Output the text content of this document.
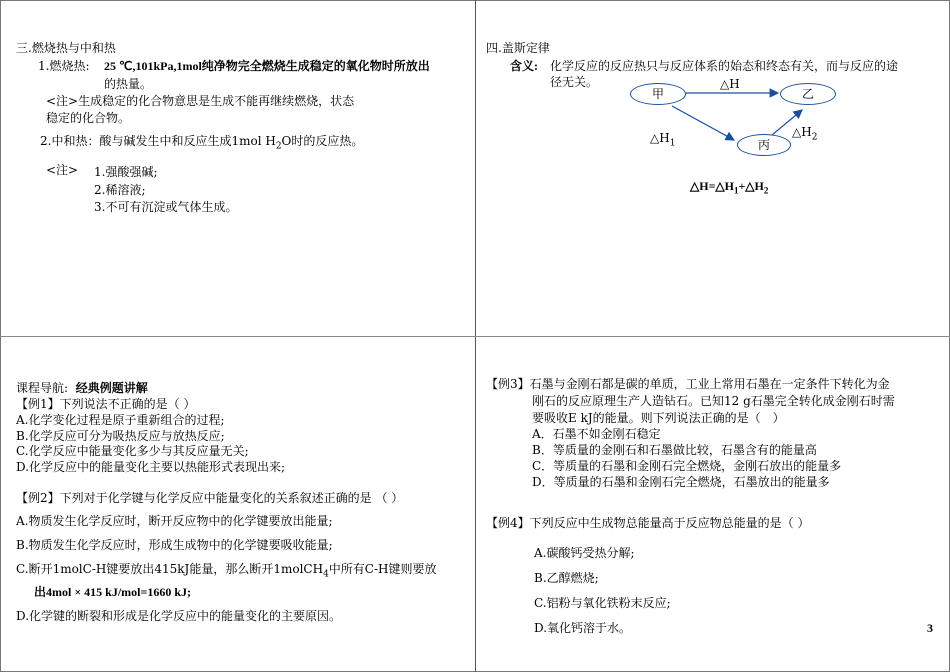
三.燃烧热与中和热
1.燃烧热: 25 ℃,101kPa,1mol纯净物完全燃烧生成稳定的氧化物时所放出
的热量。
<注>生成稳定的化合物意思是生成不能再继续燃烧，状态
稳定的化合物。
2.中和热：酸与碱发生中和反应生成1mol $H_2O$时的反应热。
<注> 1.强酸强碱;
2.稀溶液;
3.不可有沉淀或气体生成。
四.盖斯定律
含义: 化学反应的反应热只与反应体系的始态和终态有关，而与反应的途
径无关。
甲	乙
丙
△H
$\triangle H_1$
$\triangle H_2$
$\triangle H=\triangle H_1+\triangle H_2$
课程导航: 经典例题讲解
【例1】下列说法不正确的是（ ）
A.化学变化过程是原子重新组合的过程;
B.化学反应可分为吸热反应与放热反应;
C.化学反应中能量变化多少与其反应量无关;
D.化学反应中的能量变化主要以热能形式表现出来;
【例2】下列对于化学键与化学反应中能量变化的关系叙述正确的是 （ ）
A.物质发生化学反应时，断开反应物中的化学键要放出能量;
B.物质发生化学反应时，形成生成物中的化学键要吸收能量;
C.断开1molC-H键要放出415kJ能量，那么断开1molCH$_4$中所有C-H键则要放
出4mol × 415 kJ/mol=1660 kJ;
D.化学键的断裂和形成是化学反应中的能量变化的主要原因。
【例3】石墨与金刚石都是碳的单质，工业上常用石墨在一定条件下转化为金
刚石的反应原理生产人造钻石。已知12 g石墨完全转化成金刚石时需
要吸收E kJ的能量。则下列说法正确的是（　）
A．石墨不如金刚石稳定
B．等质量的金刚石和石墨做比较，石墨含有的能量高
C．等质量的石墨和金刚石完全燃烧，金刚石放出的能量多
D．等质量的石墨和金刚石完全燃烧，石墨放出的能量多
【例4】下列反应中生成物总能量高于反应物总能量的是（ ）
A.碳酸钙受热分解;
B.乙醇燃烧;
C.铝粉与氧化铁粉末反应;
D.氧化钙溶于水。	3
